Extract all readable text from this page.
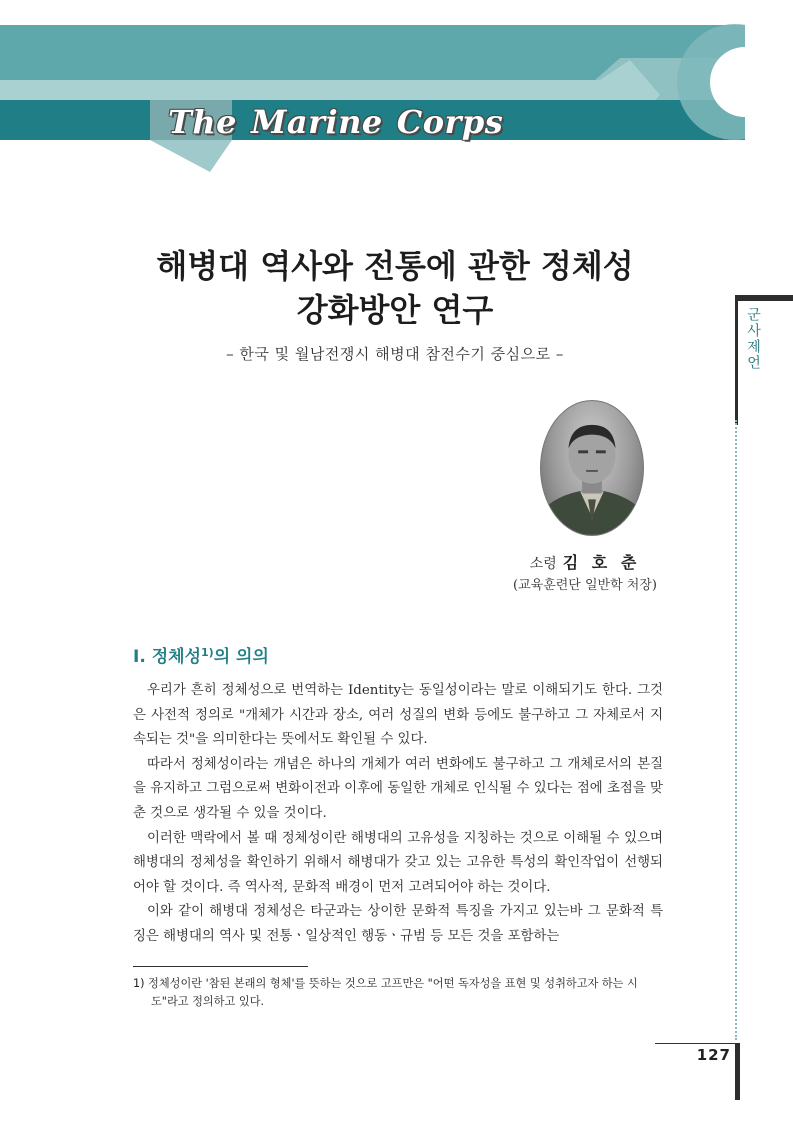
The Marine Corps
군사제언
해병대 역사와 전통에 관한 정체성
강화방안 연구
– 한국 및 월남전쟁시 해병대 참전수기 중심으로 –
소령 김 호 춘
(교육훈련단 일반학 처장)
Ⅰ. 정체성$^{1)}$의 의의

우리가 흔히 정체성으로 번역하는 Identity는 동일성이라는 말로 이해되기도 한다. 그것은 사전적 정의로 "개체가 시간과 장소, 여러 성질의 변화 등에도 불구하고 그 자체로서 지속되는 것"을 의미한다는 뜻에서도 확인될 수 있다.

따라서 정체성이라는 개념은 하나의 개체가 여러 변화에도 불구하고 그 개체로서의 본질을 유지하고 그럼으로써 변화이전과 이후에 동일한 개체로 인식될 수 있다는 점에 초점을 맞춘 것으로 생각될 수 있을 것이다.

이러한 맥락에서 볼 때 정체성이란 해병대의 고유성을 지칭하는 것으로 이해될 수 있으며 해병대의 정체성을 확인하기 위해서 해병대가 갖고 있는 고유한 특성의 확인작업이 선행되어야 할 것이다. 즉 역사적, 문화적 배경이 먼저 고려되어야 하는 것이다.

이와 같이 해병대 정체성은 타군과는 상이한 문화적 특징을 가지고 있는바 그 문화적 특징은 해병대의 역사 및 전통ㆍ일상적인 행동ㆍ규범 등 모든 것을 포함하는

1) 정체성이란 '참된 본래의 형체'를 뜻하는 것으로 고프만은 "어떤 독자성을 표현 및 성취하고자 하는 시도"라고 정의하고 있다.
127
